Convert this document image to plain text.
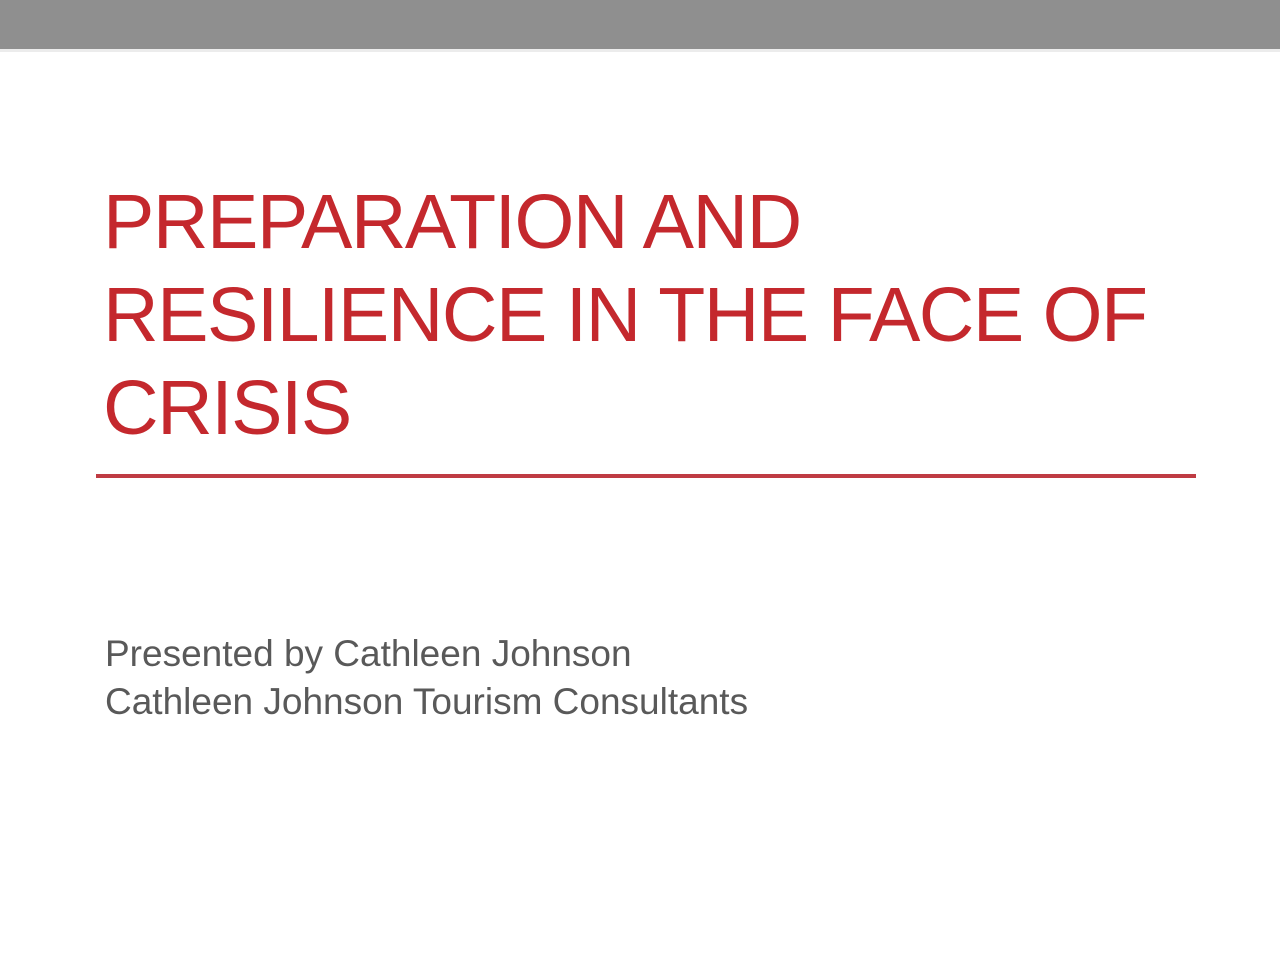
PREPARATION AND
RESILIENCE IN THE FACE OF
CRISIS

Presented by Cathleen Johnson
Cathleen Johnson Tourism Consultants
